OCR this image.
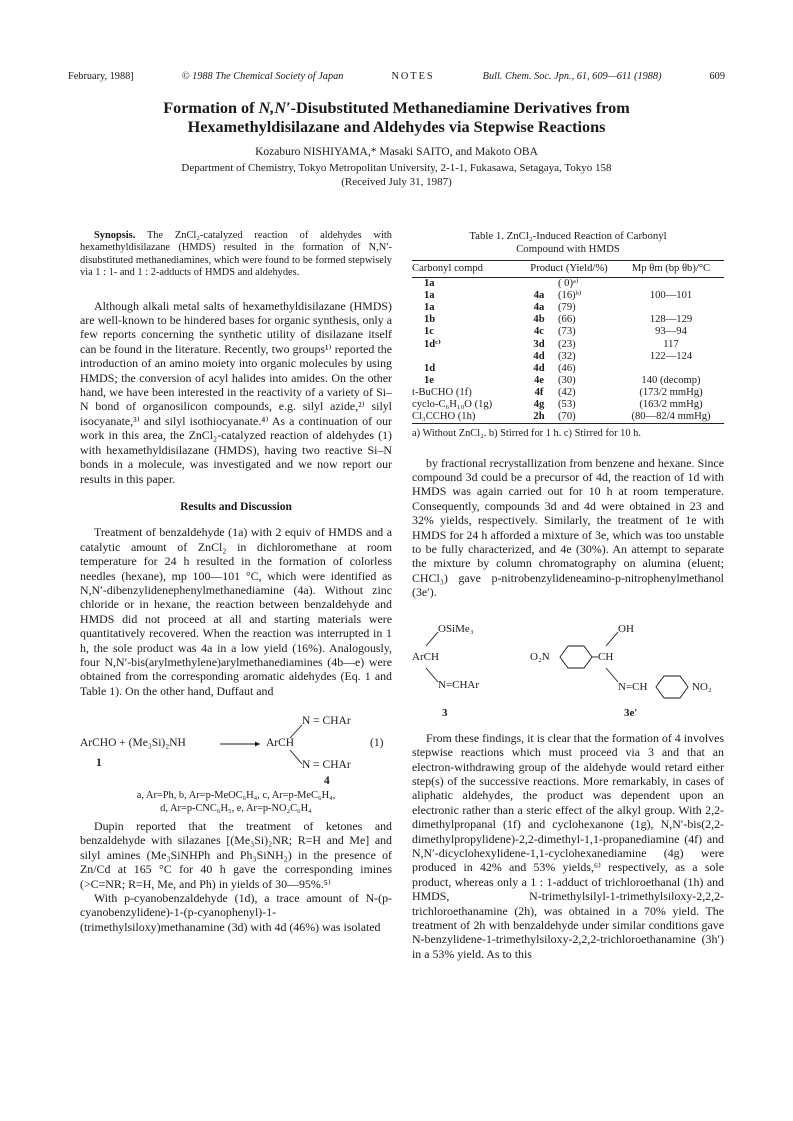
February, 1988]	© 1988 The Chemical Society of Japan	NOTES	Bull. Chem. Soc. Jpn., 61, 609—611 (1988)	609
Formation of N,N′-Disubstituted Methanediamine Derivatives from
Hexamethyldisilazane and Aldehydes via Stepwise Reactions
Kozaburo NISHIYAMA,* Masaki SAITO, and Makoto OBA
Department of Chemistry, Tokyo Metropolitan University, 2-1-1, Fukasawa, Setagaya, Tokyo 158
(Received July 31, 1987)

Synopsis. The ZnCl₂-catalyzed reaction of aldehydes with hexamethyldisilazane (HMDS) resulted in the formation of N,N′-disubstituted methanediamines, which were found to be formed stepwisely via 1 : 1- and 1 : 2-adducts of HMDS and aldehydes.

Although alkali metal salts of hexamethyldisilazane (HMDS) are well-known to be hindered bases for organic synthesis, only a few reports concerning the synthetic utility of disilazane itself can be found in the literature. Recently, two groups¹⁾ reported the introduction of an amino moiety into organic molecules by using HMDS; the conversion of acyl halides into amides. On the other hand, we have been interested in the reactivity of a variety of Si–N bond of organosilicon compounds, e.g. silyl azide,²⁾ silyl isocyanate,³⁾ and silyl isothiocyanate.⁴⁾ As a continuation of our work in this area, the ZnCl₂-catalyzed reaction of aldehydes (1) with hexamethyldisilazane (HMDS), having two reactive Si–N bonds in a molecule, was investigated and we now report our results in this paper.

Results and Discussion

Treatment of benzaldehyde (1a) with 2 equiv of HMDS and a catalytic amount of ZnCl₂ in dichloromethane at room temperature for 24 h resulted in the formation of colorless needles (hexane), mp 100—101 °C, which were identified as N,N′-dibenzylidenephenylmethanediamine (4a). Without zinc chloride or in hexane, the reaction between benzaldehyde and HMDS did not proceed at all and starting materials were quantitatively recovered. When the reaction was interrupted in 1 h, the sole product was 4a in a low yield (16%). Analogously, four N,N′-bis(arylmethylene)arylmethanediamines (4b—e) were obtained from the corresponding aromatic aldehydes (Eq. 1 and Table 1). On the other hand, Duffaut and

ArCHO + (Me₃Si)₂NH
N = CHAr
ArCH
N = CHAr
(1)
1
4
a, Ar=Ph, b, Ar=p-MeOC₆H₄, c, Ar=p-MeC₆H₄,
d, Ar=p-CNC₆H₅, e, Ar=p-NO₂C₆H₄

Dupin reported that the treatment of ketones and benzaldehyde with silazanes [(Me₃Si)₂NR; R=H and Me] and silyl amines (Me₃SiNHPh and Ph₃SiNH₂) in the presence of Zn/Cd at 165 °C for 40 h gave the corresponding imines (>C=NR; R=H, Me, and Ph) in yields of 30—95%.⁵⁾

With p-cyanobenzaldehyde (1d), a trace amount of N-(p-cyanobenzylidene)-1-(p-cyanophenyl)-1-(trimethylsiloxy)methanamine (3d) with 4d (46%) was isolated

Table 1. ZnCl₂-Induced Reaction of Carbonyl
Compound with HMDS
Carbonyl compd	Product (Yield/%)		Mp θm (bp θb)/°C
1a		( 0)ᵃ⁾	
1a	4a	(16)ᵇ⁾	100—101
1a	4a	(79)	
1b	4b	(66)	128—129
1c	4c	(73)	93—94
1dᶜ⁾	3d	(23)	117
	4d	(32)	122—124
1d	4d	(46)	
1e	4e	(30)	140 (decomp)
t-BuCHO (1f)	4f	(42)	(173/2 mmHg)
cyclo-C₆H₁₀O (1g)	4g	(53)	(163/2 mmHg)
Cl₃CCHO (1h)	2h	(70)	(80—82/4 mmHg)
a) Without ZnCl₂. b) Stirred for 1 h. c) Stirred for 10 h.

by fractional recrystallization from benzene and hexane. Since compound 3d could be a precursor of 4d, the reaction of 1d with HMDS was again carried out for 10 h at room temperature. Consequently, compounds 3d and 4d were obtained in 23 and 32% yields, respectively. Similarly, the treatment of 1e with HMDS for 24 h afforded a mixture of 3e, which was too unstable to be fully characterized, and 4e (30%). An attempt to separate the mixture by column chromatography on alumina (eluent; CHCl₃) gave p-nitrobenzylideneamino-p-nitrophenylmethanol (3e′).

OSiMe₃
ArCH
N=CHAr
3
O₂N
OH
CH
N=CH	NO₂
3e′

From these findings, it is clear that the formation of 4 involves stepwise reactions which must proceed via 3 and that an electron-withdrawing group of the aldehyde would retard either step(s) of the successive reactions. More remarkably, in cases of aliphatic aldehydes, the product was dependent upon an electronic rather than a steric effect of the alkyl group. With 2,2-dimethylpropanal (1f) and cyclohexanone (1g), N,N′-bis(2,2-dimethylpropylidene)-2,2-dimethyl-1,1-propanediamine (4f) and N,N′-dicyclohexylidene-1,1-cyclohexanediamine (4g) were produced in 42% and 53% yields,⁶⁾ respectively, as a sole product, whereas only a 1 : 1-adduct of trichloroethanal (1h) and HMDS, N-trimethylsilyl-1-trimethylsiloxy-2,2,2-trichloroethanamine (2h), was obtained in a 70% yield. The treatment of 2h with benzaldehyde under similar conditions gave N-benzylidene-1-trimethylsiloxy-2,2,2-trichloroethanamine (3h′) in a 53% yield. As to this
